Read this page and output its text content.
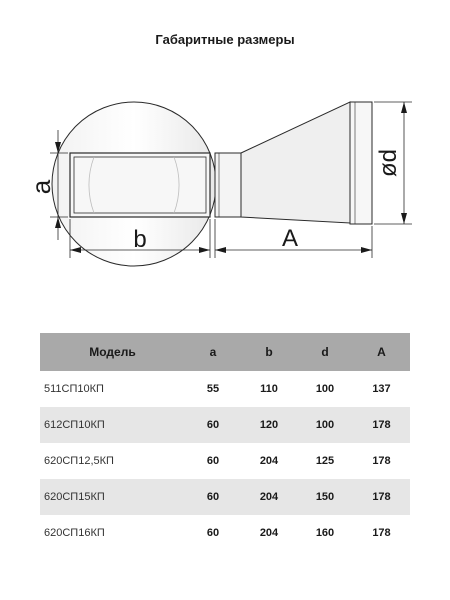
Габаритные размеры
a
b	A
ød
Модель	a	b	d	A
511СП10КП	55	110	100	137
612СП10КП	60	120	100	178
620СП12,5КП	60	204	125	178
620СП15КП	60	204	150	178
620СП16КП	60	204	160	178
